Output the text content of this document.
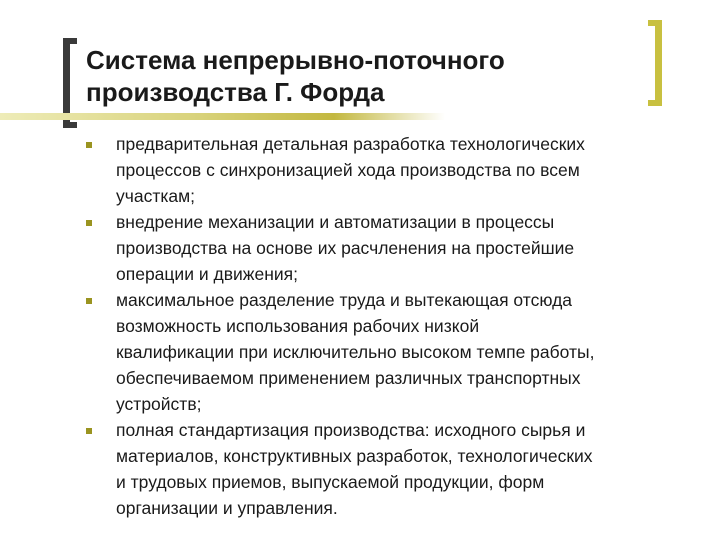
Система непрерывно-поточного
производства Г. Форда
предварительная детальная разработка технологических
процессов с синхронизацией хода производства по всем
участкам;
внедрение механизации и автоматизации в процессы
производства на основе их расчленения на простейшие
операции и движения;
максимальное разделение труда и вытекающая отсюда
возможность использования рабочих низкой
квалификации при исключительно высоком темпе работы,
обеспечиваемом применением различных транспортных
устройств;
полная стандартизация производства: исходного сырья и
материалов, конструктивных разработок, технологических
и трудовых приемов, выпускаемой продукции, форм
организации и управления.
